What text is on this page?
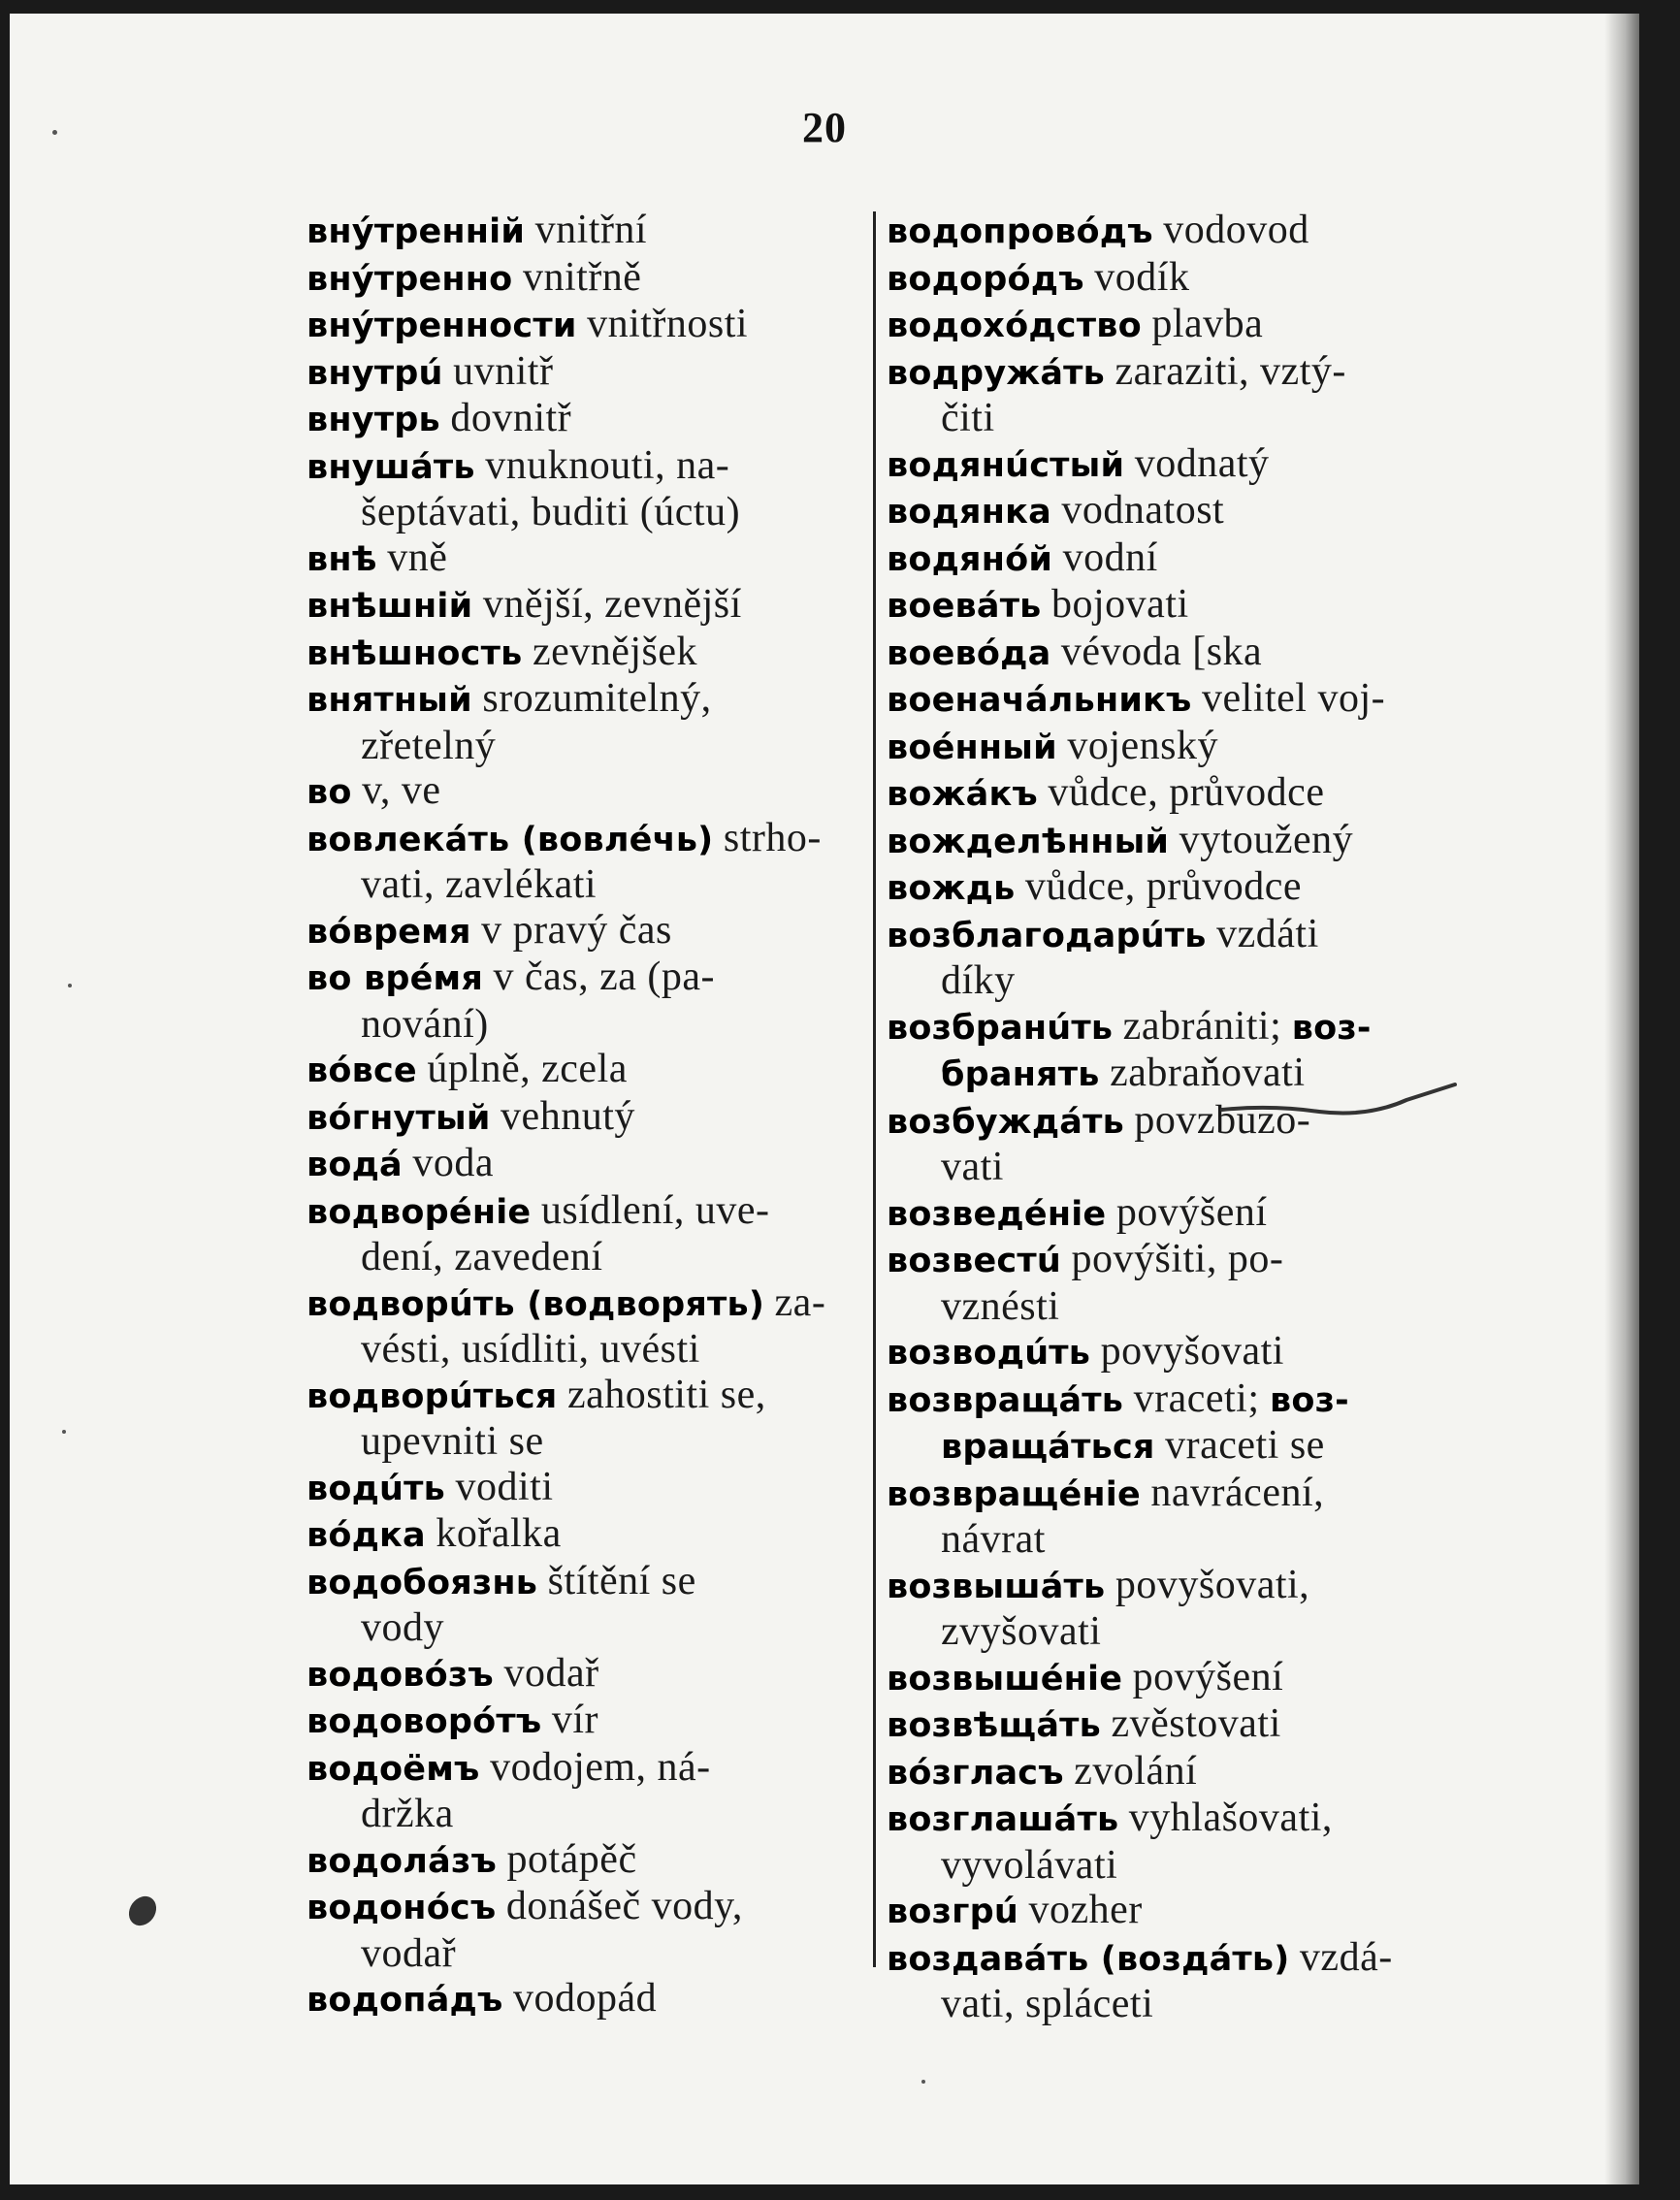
20
внýтреннiй vnitřní
внýтренно vnitřně
внýтренности vnitřnosti
внутрú uvnitř
внутрь dovnitř
внушáть vnuknouti, na-
šeptávati, buditi (úctu)
внѣ vně
внѣшнiй vnější, zevnější
внѣшность zevnějšek
внятный srozumitelný,
zřetelný
во v, ve
вовлекáть (вовлéчь) strho-
vati, zavlékati
вóвремя v pravý čas
во врéмя v čas, za (pa-
nování)
вóвсе úplně, zcela
вóгнутый vehnutý
водá voda
водворéнie usídlení, uve-
dení, zavedení
водворúть (водворять) za-
vésti, usídliti, uvésti
водворúться zahostiti se,
upevniti se
водúть voditi
вóдка kořalka
водобоязнь štítění se
vody
водовóзъ vodař
водоворóтъ vír
водоёмъ vodojem, ná-
držka
водолáзъ potápěč
водонóсъ donášeč vody,
vodař
водопáдъ vodopád
водопровóдъ vodovod
водорóдъ vodík
водохóдство plavba
водружáть zaraziti, vztý-
čiti
водянúстый vodnatý
водянка vodnatost
водянóй vodní
воевáть bojovati
воевóда vévoda [ska
военачáльникъ velitel voj-
воéнный vojenský
вожáкъ vůdce, průvodce
вожделѣнный vytoužený
вождь vůdce, průvodce
возблагодарúть vzdáti
díky
возбранúть zabrániti; воз-
бранять zabraňovati
возбуждáть povzbuzo-
vati
возведéнie povýšení
возвестú povýšiti, po-
vznésti
возводúть povyšovati
возвращáть vraceti; воз-
вращáться vraceti se
возвращéнie navrácení,
návrat
возвышáть povyšovati,
zvyšovati
возвышéнie povýšení
возвѣщáть zvěstovati
вóзгласъ zvolání
возглашáть vyhlašovati,
vyvolávati
возгрú vozher
воздавáть (воздáть) vzdá-
vati, spláceti
